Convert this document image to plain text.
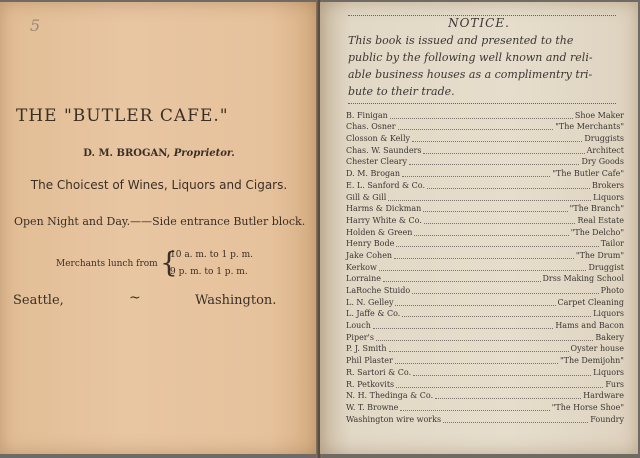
5
THE "BUTLER CAFE."
D. M. BROGAN, Proprietor.
The Choicest of Wines, Liquors and Cigars.
Open Night and Day.——Side entrance Butler block.
Merchants lunch from {
10 a. m. to 1 p. m.
9 p. m. to 1 p. m.
Seattle,	~	Washington.
NOTICE.
This book is issued and presented to the
public by the following well known and reli-
able business houses as a complimentry tri-
bute to their trade.
B. Finigan	Shoe Maker
Chas. Osner	"The Merchants"
Closson & Kelly	Druggists
Chas. W. Saunders	Architect
Chester Cleary	Dry Goods
D. M. Brogan	"The Butler Cafe"
E. L. Sanford & Co.	Brokers
Gill & Gill	Liquors
Harms & Dickman	"The Branch"
Harry White & Co.	Real Estate
Holden & Green	"The Delcho"
Henry Bode	Tailor
Jake Cohen	"The Drum"
Kerkow	Druggist
Lorraine	Drss Making School
LaRoche Stuido	Photo
L. N. Gelley	Carpet Cleaning
L. Jaffe & Co.	Liquors
Louch	Hams and Bacon
Piper's	Bakery
P. J. Smith	Oyster house
Phil Plaster	"The Demijohn"
R. Sartori & Co.	Liquors
R. Petkovits	Furs
N. H. Thedinga & Co.	Hardware
W. T. Browne	"The Horse Shoe"
Washington wire works	Foundry
